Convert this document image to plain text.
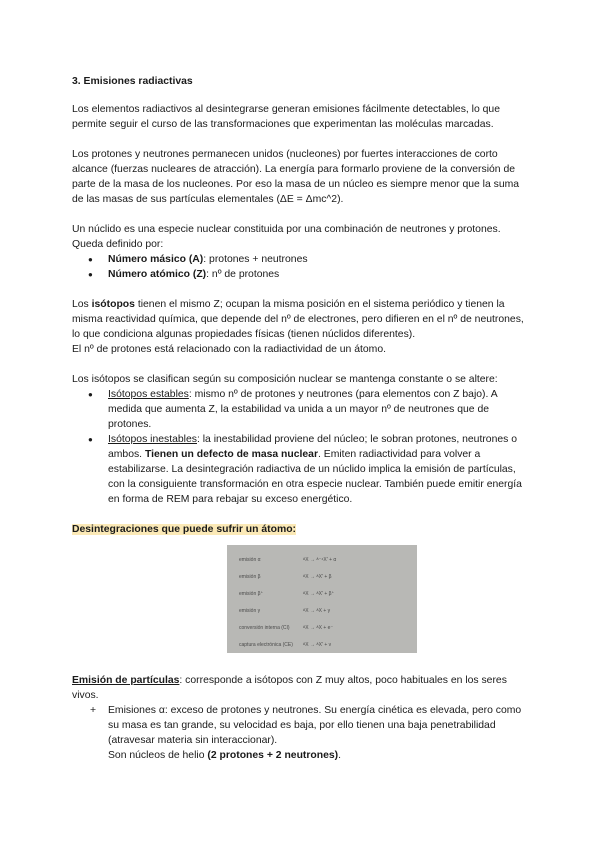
3. Emisiones radiactivas

Los elementos radiactivos al desintegrarse generan emisiones fácilmente detectables, lo que permite seguir el curso de las transformaciones que experimentan las moléculas marcadas.

Los protones y neutrones permanecen unidos (nucleones) por fuertes interacciones de corto alcance (fuerzas nucleares de atracción). La energía para formarlo proviene de la conversión de parte de la masa de los nucleones. Por eso la masa de un núcleo es siempre menor que la suma de las masas de sus partículas elementales (ΔE = Δmc^2).

Un núclido es una especie nuclear constituida por una combinación de neutrones y protones. Queda definido por:
● Número másico (A): protones + neutrones
● Número atómico (Z): nº de protones
Los isótopos tienen el mismo Z; ocupan la misma posición en el sistema periódico y tienen la misma reactividad química, que depende del nº de electrones, pero difieren en el nº de neutrones, lo que condiciona algunas propiedades físicas (tienen núclidos diferentes).
El nº de protones está relacionado con la radiactividad de un átomo.
Los isótopos se clasifican según su composición nuclear se mantenga constante o se altere:
● Isótopos estables: mismo nº de protones y neutrones (para elementos con Z bajo). A medida que aumenta Z, la estabilidad va unida a un mayor nº de neutrones que de protones.
● Isótopos inestables: la inestabilidad proviene del núcleo; le sobran protones, neutrones o ambos. Tienen un defecto de masa nuclear. Emiten radiactividad para volver a estabilizarse. La desintegración radiactiva de un núclido implica la emisión de partículas, con la consiguiente transformación en otra especie nuclear. También puede emitir energía en forma de REM para rebajar su exceso energético.
Desintegraciones que puede sufrir un átomo:
emisión α	ᴬX → ᴬ⁻⁴X' + α
emisión β	ᴬX → ᴬX' + β
emisión β⁺	ᴬX → ᴬX' + β⁺
emisión γ	ᴬX → ᴬX + γ
conversión interna (CI)	ᴬX → ᴬX + e⁻
captura electrónica (CE) ᴬX → ᴬX' + ν
Emisión de partículas: corresponde a isótopos con Z muy altos, poco habituales en los seres vivos.
+ Emisiones α: exceso de protones y neutrones. Su energía cinética es elevada, pero como su masa es tan grande, su velocidad es baja, por ello tienen una baja penetrabilidad (atravesar materia sin interaccionar).
Son núcleos de helio (2 protones + 2 neutrones).
